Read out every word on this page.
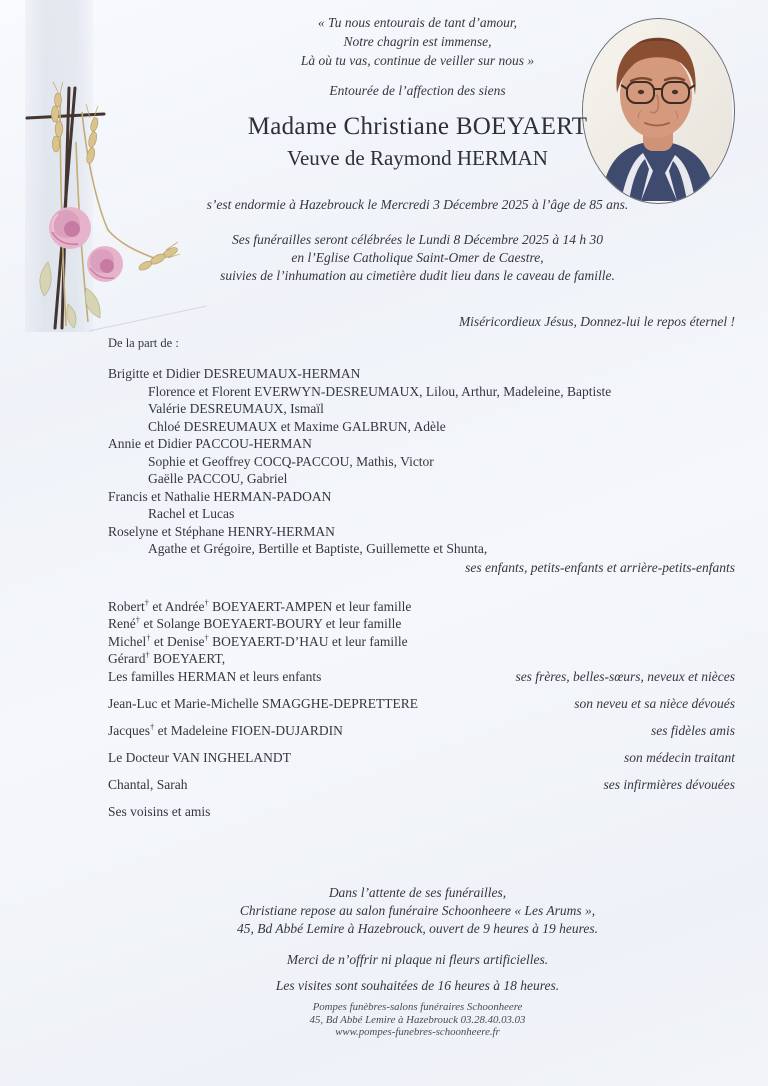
« Tu nous entourais de tant d’amour,
Notre chagrin est immense,
Là où tu vas, continue de veiller sur nous »
Entourée de l’affection des siens
Madame Christiane BOEYAERT
Veuve de Raymond HERMAN
s’est endormie à Hazebrouck le Mercredi 3 Décembre 2025 à l’âge de 85 ans.
Ses funérailles seront célébrées le Lundi 8 Décembre 2025 à 14 h 30
en l’Eglise Catholique Saint-Omer de Caestre,
suivies de l’inhumation au cimetière dudit lieu dans le caveau de famille.
Miséricordieux Jésus, Donnez-lui le repos éternel !
De la part de :
Brigitte et Didier DESREUMAUX-HERMAN
Florence et Florent EVERWYN-DESREUMAUX, Lilou, Arthur, Madeleine, Baptiste
Valérie DESREUMAUX, Ismaïl
Chloé DESREUMAUX et Maxime GALBRUN, Adèle
Annie et Didier PACCOU-HERMAN
Sophie et Geoffrey COCQ-PACCOU, Mathis, Victor
Gaëlle PACCOU, Gabriel
Francis et Nathalie HERMAN-PADOAN
Rachel et Lucas
Roselyne et Stéphane HENRY-HERMAN
Agathe et Grégoire, Bertille et Baptiste, Guillemette et Shunta,
ses enfants, petits-enfants et arrière-petits-enfants
Robert† et Andrée† BOEYAERT-AMPEN et leur famille
René† et Solange BOEYAERT-BOURY et leur famille
Michel† et Denise† BOEYAERT-D’HAU et leur famille
Gérard† BOEYAERT,
Les familles HERMAN et leurs enfants	ses frères, belles-sœurs, neveux et nièces
Jean-Luc et Marie-Michelle SMAGGHE-DEPRETTERE	son neveu et sa nièce dévoués
Jacques† et Madeleine FIOEN-DUJARDIN	ses fidèles amis
Le Docteur VAN INGHELANDT	son médecin traitant
Chantal, Sarah	ses infirmières dévouées
Ses voisins et amis
Dans l’attente de ses funérailles,
Christiane repose au salon funéraire Schoonheere « Les Arums »,
45, Bd Abbé Lemire à Hazebrouck, ouvert de 9 heures à 19 heures.
Merci de n’offrir ni plaque ni fleurs artificielles.
Les visites sont souhaitées de 16 heures à 18 heures.
Pompes funèbres-salons funéraires Schoonheere
45, Bd Abbé Lemire à Hazebrouck 03.28.40.03.03
www.pompes-funebres-schoonheere.fr
